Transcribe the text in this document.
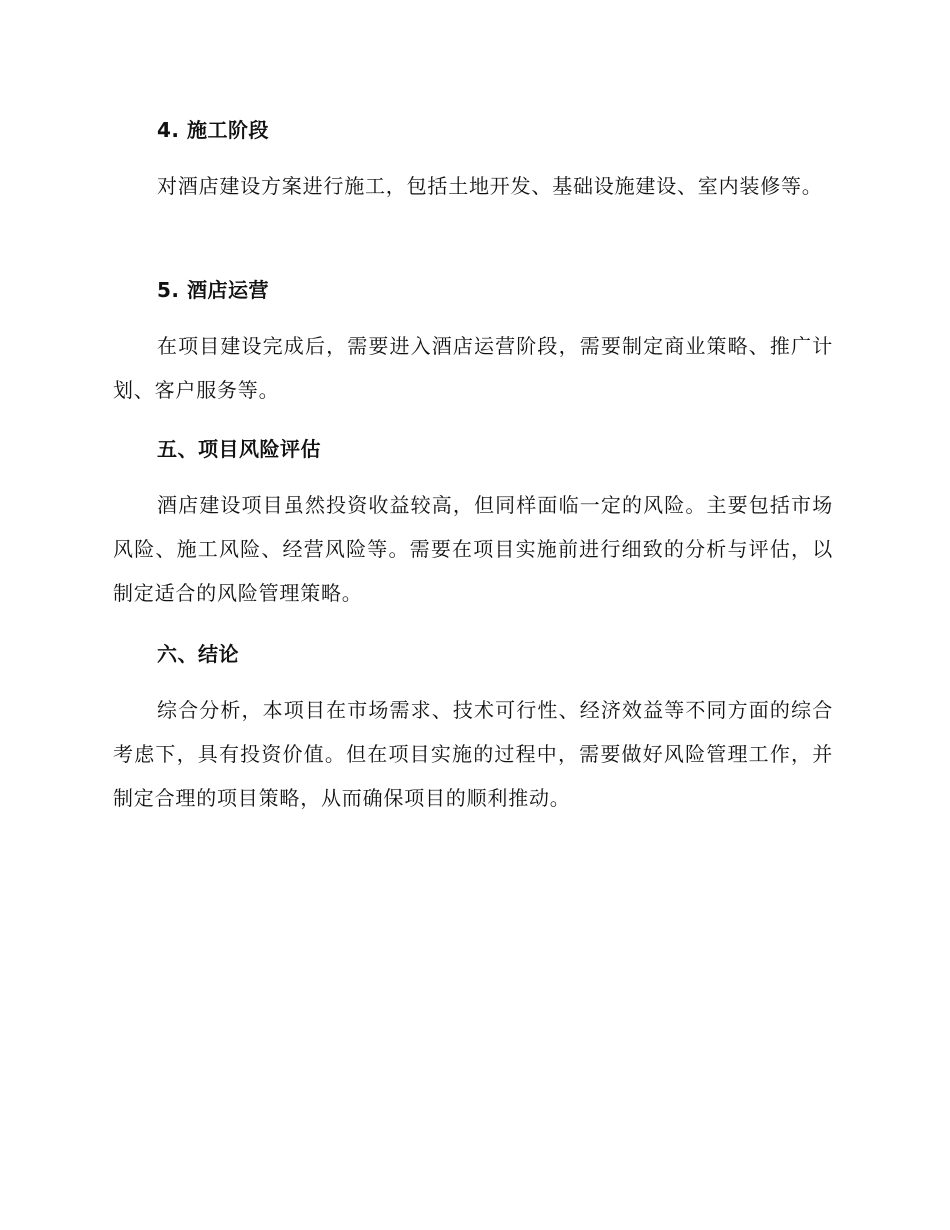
4. 施工阶段
对酒店建设方案进行施工，包括土地开发、基础设施建设、室内装修等。
5. 酒店运营
在项目建设完成后，需要进入酒店运营阶段，需要制定商业策略、推广计划、客户服务等。
五、项目风险评估
酒店建设项目虽然投资收益较高，但同样面临一定的风险。主要包括市场风险、施工风险、经营风险等。需要在项目实施前进行细致的分析与评估，以制定适合的风险管理策略。
六、结论
综合分析，本项目在市场需求、技术可行性、经济效益等不同方面的综合考虑下，具有投资价值。但在项目实施的过程中，需要做好风险管理工作，并制定合理的项目策略，从而确保项目的顺利推动。
